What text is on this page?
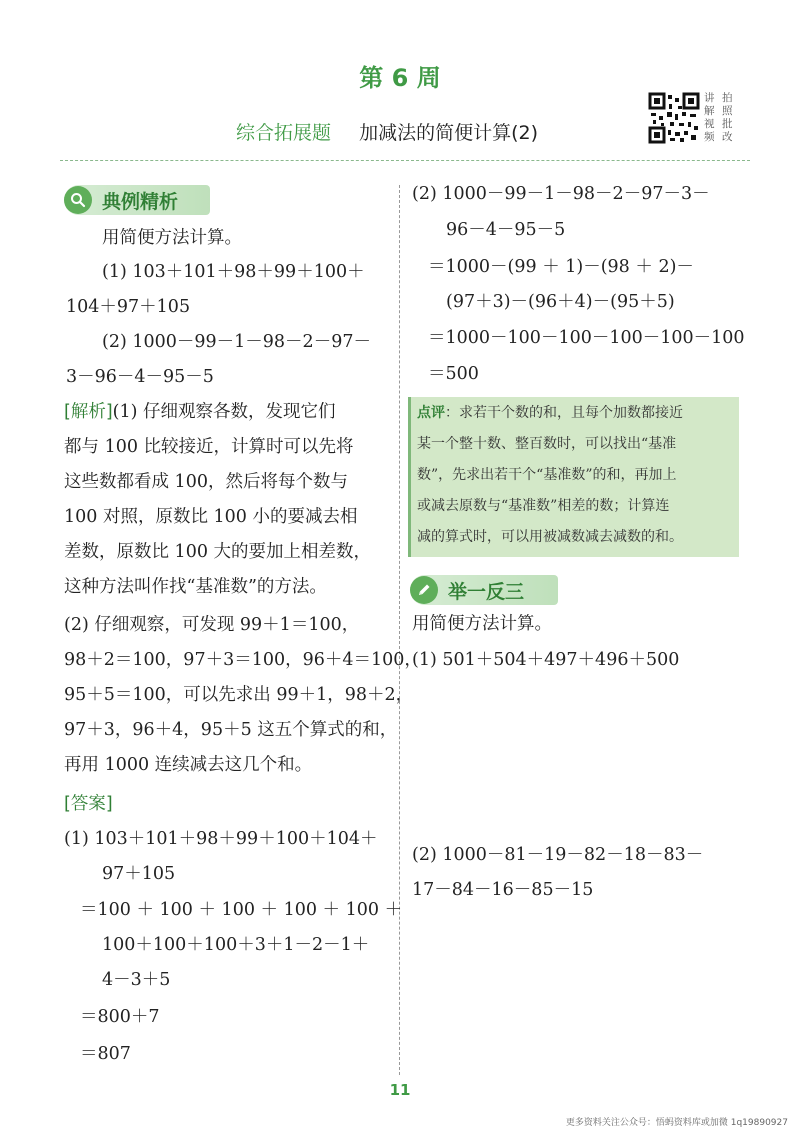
第 6 周
综合拓展题 加减法的简便计算(2)
讲 拍
解 照
视 批
频 改
典例精析
用简便方法计算。
(1) 103＋101＋98＋99＋100＋
104＋97＋105
(2) 1000－99－1－98－2－97－
3－96－4－95－5
[解析](1) 仔细观察各数，发现它们
都与 100 比较接近，计算时可以先将
这些数都看成 100，然后将每个数与
100 对照，原数比 100 小的要减去相
差数，原数比 100 大的要加上相差数，
这种方法叫作找“基准数”的方法。
(2) 仔细观察，可发现 99＋1＝100，
98＋2＝100，97＋3＝100，96＋4＝100，
95＋5＝100，可以先求出 99＋1，98＋2，
97＋3，96＋4，95＋5 这五个算式的和，
再用 1000 连续减去这几个和。
[答案]
(1) 103＋101＋98＋99＋100＋104＋
97＋105
＝100 ＋ 100 ＋ 100 ＋ 100 ＋ 100 ＋
100＋100＋100＋3＋1－2－1＋
4－3＋5
＝800＋7
＝807
(2) 1000－99－1－98－2－97－3－
96－4－95－5
＝1000－(99 ＋ 1)－(98 ＋ 2)－
(97＋3)－(96＋4)－(95＋5)
＝1000－100－100－100－100－100
＝500
点评：求若干个数的和，且每个加数都接近
某一个整十数、整百数时，可以找出“基准
数”，先求出若干个“基准数”的和，再加上
或减去原数与“基准数”相差的数；计算连
减的算式时，可以用被减数减去减数的和。
举一反三
用简便方法计算。
(1) 501＋504＋497＋496＋500
(2) 1000－81－19－82－18－83－
17－84－16－85－15
11
更多资料关注公众号：悟蚂资料库或加微 1q19890927
